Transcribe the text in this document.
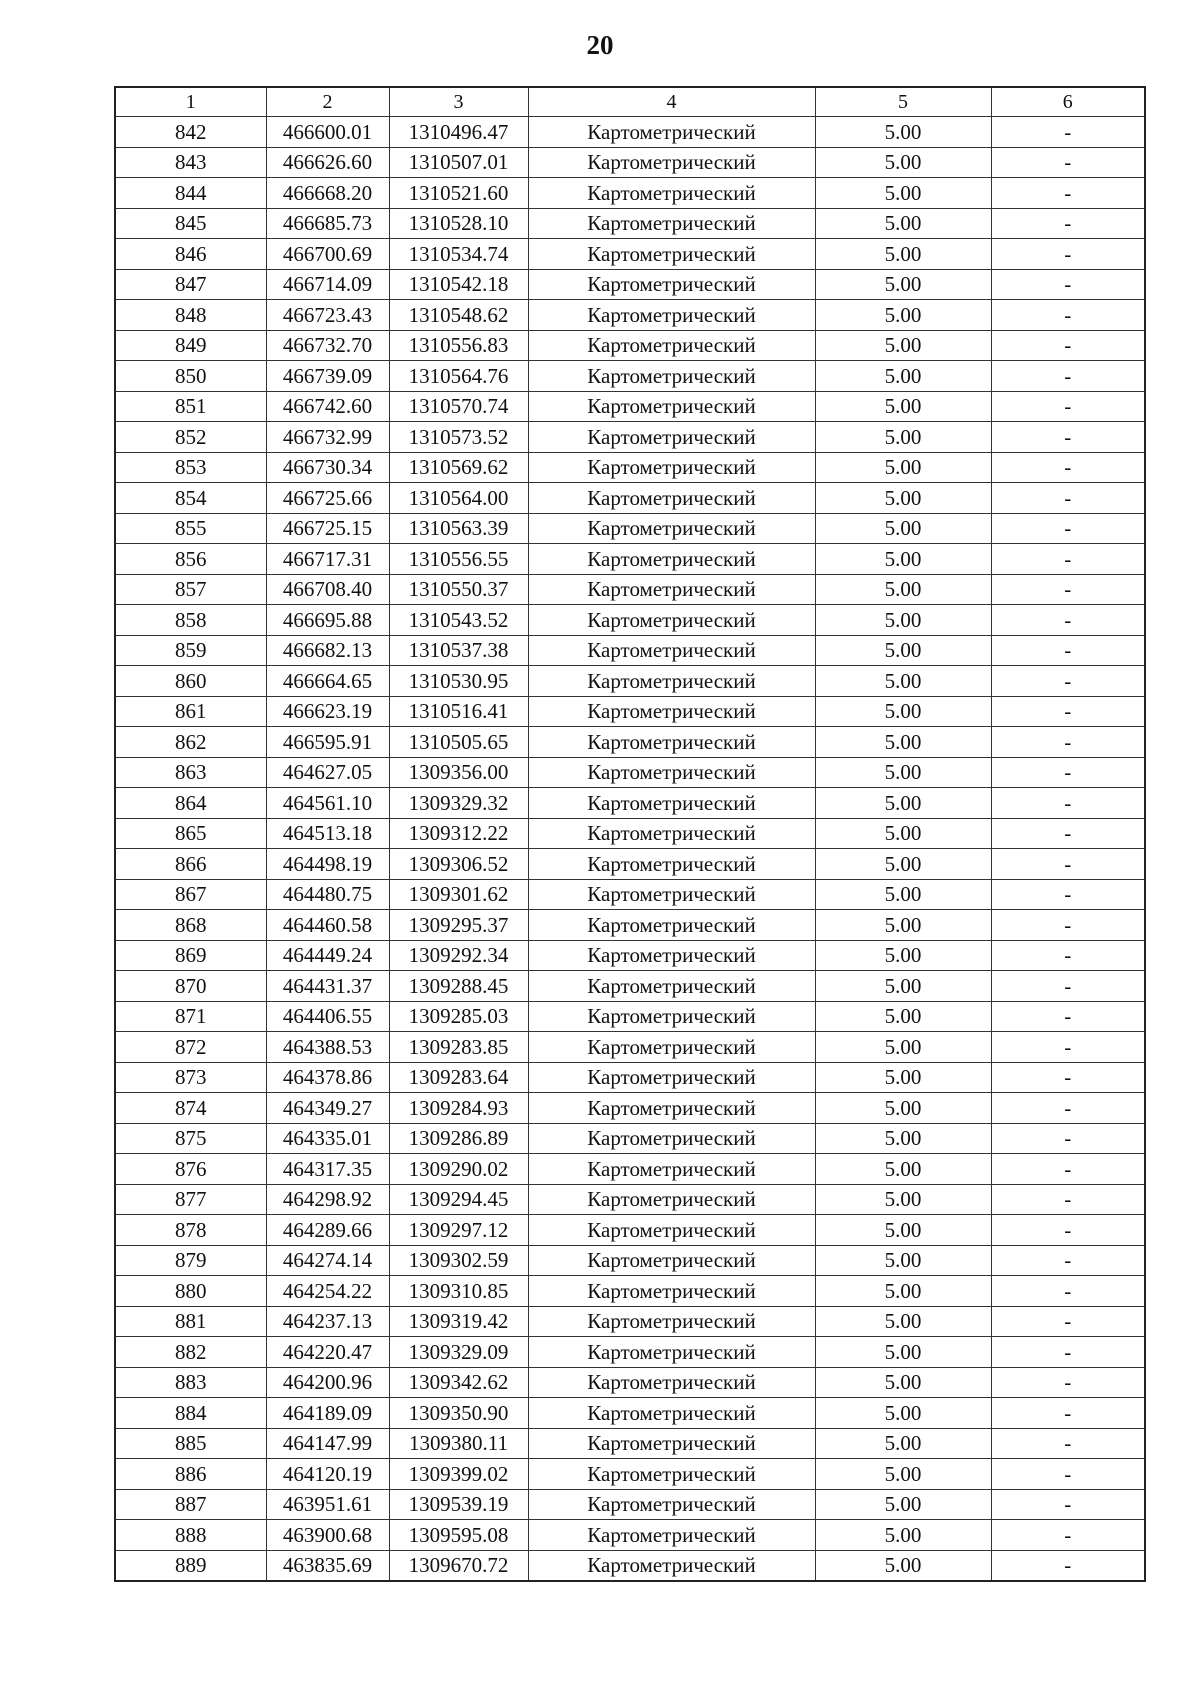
20
1	2	3	4	5	6
842	466600.01	1310496.47	Картометрический	5.00	-
843	466626.60	1310507.01	Картометрический	5.00	-
844	466668.20	1310521.60	Картометрический	5.00	-
845	466685.73	1310528.10	Картометрический	5.00	-
846	466700.69	1310534.74	Картометрический	5.00	-
847	466714.09	1310542.18	Картометрический	5.00	-
848	466723.43	1310548.62	Картометрический	5.00	-
849	466732.70	1310556.83	Картометрический	5.00	-
850	466739.09	1310564.76	Картометрический	5.00	-
851	466742.60	1310570.74	Картометрический	5.00	-
852	466732.99	1310573.52	Картометрический	5.00	-
853	466730.34	1310569.62	Картометрический	5.00	-
854	466725.66	1310564.00	Картометрический	5.00	-
855	466725.15	1310563.39	Картометрический	5.00	-
856	466717.31	1310556.55	Картометрический	5.00	-
857	466708.40	1310550.37	Картометрический	5.00	-
858	466695.88	1310543.52	Картометрический	5.00	-
859	466682.13	1310537.38	Картометрический	5.00	-
860	466664.65	1310530.95	Картометрический	5.00	-
861	466623.19	1310516.41	Картометрический	5.00	-
862	466595.91	1310505.65	Картометрический	5.00	-
863	464627.05	1309356.00	Картометрический	5.00	-
864	464561.10	1309329.32	Картометрический	5.00	-
865	464513.18	1309312.22	Картометрический	5.00	-
866	464498.19	1309306.52	Картометрический	5.00	-
867	464480.75	1309301.62	Картометрический	5.00	-
868	464460.58	1309295.37	Картометрический	5.00	-
869	464449.24	1309292.34	Картометрический	5.00	-
870	464431.37	1309288.45	Картометрический	5.00	-
871	464406.55	1309285.03	Картометрический	5.00	-
872	464388.53	1309283.85	Картометрический	5.00	-
873	464378.86	1309283.64	Картометрический	5.00	-
874	464349.27	1309284.93	Картометрический	5.00	-
875	464335.01	1309286.89	Картометрический	5.00	-
876	464317.35	1309290.02	Картометрический	5.00	-
877	464298.92	1309294.45	Картометрический	5.00	-
878	464289.66	1309297.12	Картометрический	5.00	-
879	464274.14	1309302.59	Картометрический	5.00	-
880	464254.22	1309310.85	Картометрический	5.00	-
881	464237.13	1309319.42	Картометрический	5.00	-
882	464220.47	1309329.09	Картометрический	5.00	-
883	464200.96	1309342.62	Картометрический	5.00	-
884	464189.09	1309350.90	Картометрический	5.00	-
885	464147.99	1309380.11	Картометрический	5.00	-
886	464120.19	1309399.02	Картометрический	5.00	-
887	463951.61	1309539.19	Картометрический	5.00	-
888	463900.68	1309595.08	Картометрический	5.00	-
889	463835.69	1309670.72	Картометрический	5.00	-
